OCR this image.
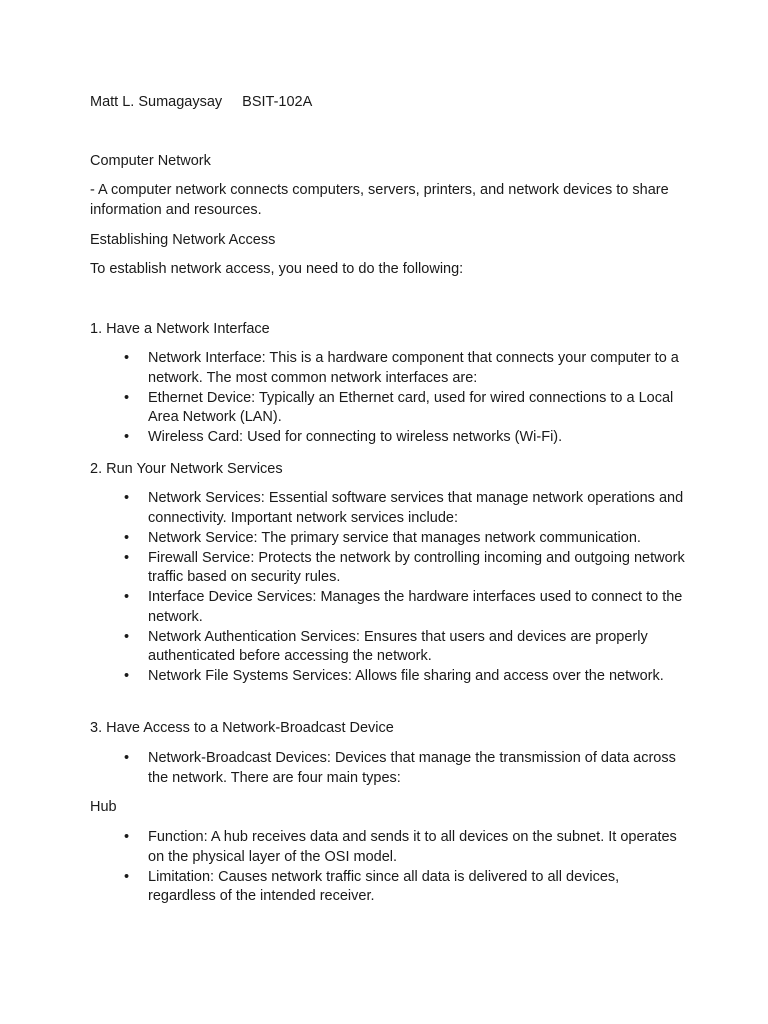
Matt L. Sumagaysay BSIT-102A
Computer Network
- A computer network connects computers, servers, printers, and network devices to share information and resources.
Establishing Network Access
To establish network access, you need to do the following:
1. Have a Network Interface
• Network Interface: This is a hardware component that connects your computer to a network. The most common network interfaces are:
• Ethernet Device: Typically an Ethernet card, used for wired connections to a Local Area Network (LAN).
• Wireless Card: Used for connecting to wireless networks (Wi-Fi).
2. Run Your Network Services
• Network Services: Essential software services that manage network operations and connectivity. Important network services include:
• Network Service: The primary service that manages network communication.
• Firewall Service: Protects the network by controlling incoming and outgoing network traffic based on security rules.
• Interface Device Services: Manages the hardware interfaces used to connect to the network.
• Network Authentication Services: Ensures that users and devices are properly authenticated before accessing the network.
• Network File Systems Services: Allows file sharing and access over the network.
3. Have Access to a Network-Broadcast Device
• Network-Broadcast Devices: Devices that manage the transmission of data across the network. There are four main types:
Hub
• Function: A hub receives data and sends it to all devices on the subnet. It operates on the physical layer of the OSI model.
• Limitation: Causes network traffic since all data is delivered to all devices, regardless of the intended receiver.
